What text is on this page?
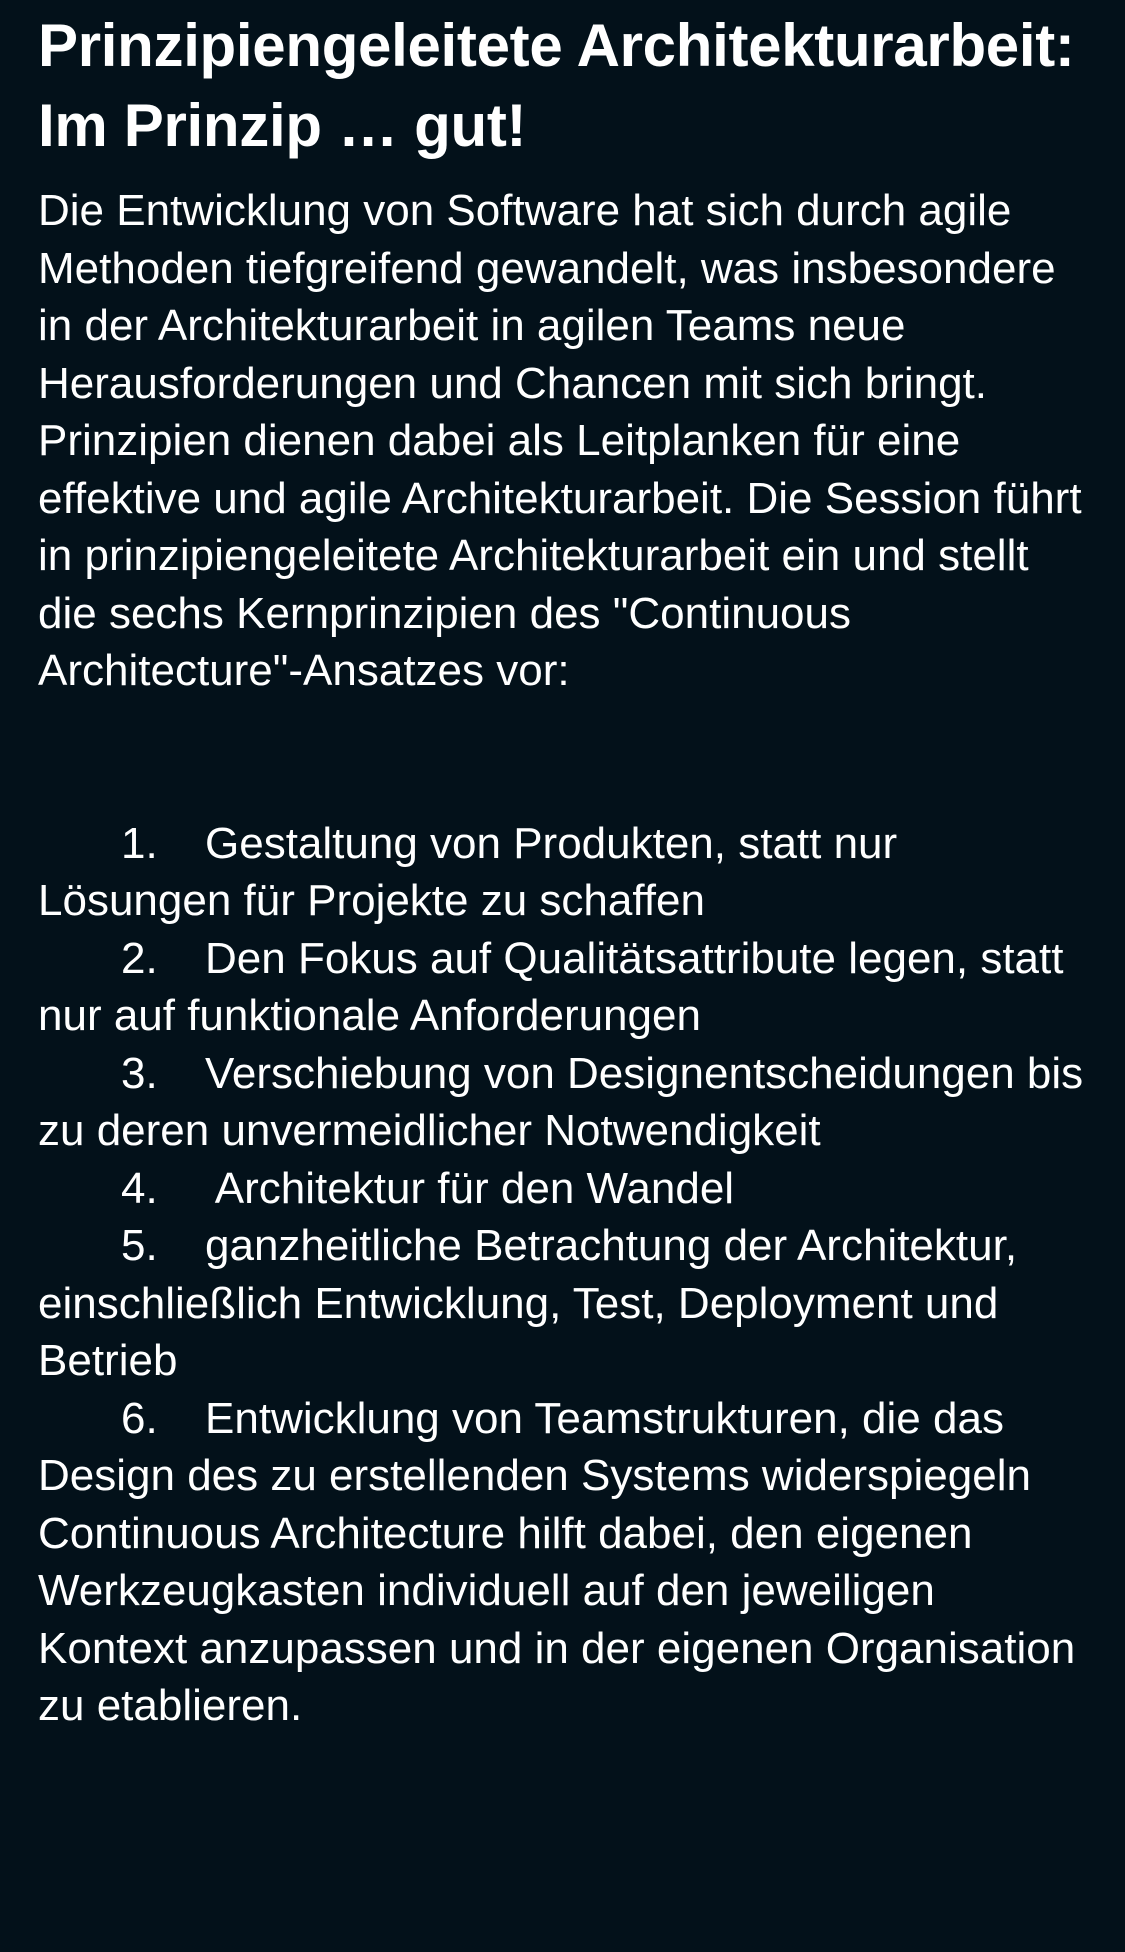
Prinzipiengeleitete Architekturarbeit: Im Prinzip … gut!

Die Entwicklung von Software hat sich durch agile Methoden tiefgreifend gewandelt, was insbesondere in der Architekturarbeit in agilen Teams neue Herausforderungen und Chancen mit sich bringt. Prinzipien dienen dabei als Leitplanken für eine effektive und agile Architekturarbeit. Die Session führt in prinzipiengeleitete Architekturarbeit ein und stellt die sechs Kernprinzipien des "Continuous Architecture"-Ansatzes vor:

1. Gestaltung von Produkten, statt nur Lösungen für Projekte zu schaffen
2. Den Fokus auf Qualitätsattribute legen, statt nur auf funktionale Anforderungen
3. Verschiebung von Designentscheidungen bis zu deren unvermeidlicher Notwendigkeit
4. Architektur für den Wandel
5. ganzheitliche Betrachtung der Architektur, einschließlich Entwicklung, Test, Deployment und Betrieb
6. Entwicklung von Teamstrukturen, die das Design des zu erstellenden Systems widerspiegeln

Continuous Architecture hilft dabei, den eigenen Werkzeugkasten individuell auf den jeweiligen Kontext anzupassen und in der eigenen Organisation zu etablieren.
